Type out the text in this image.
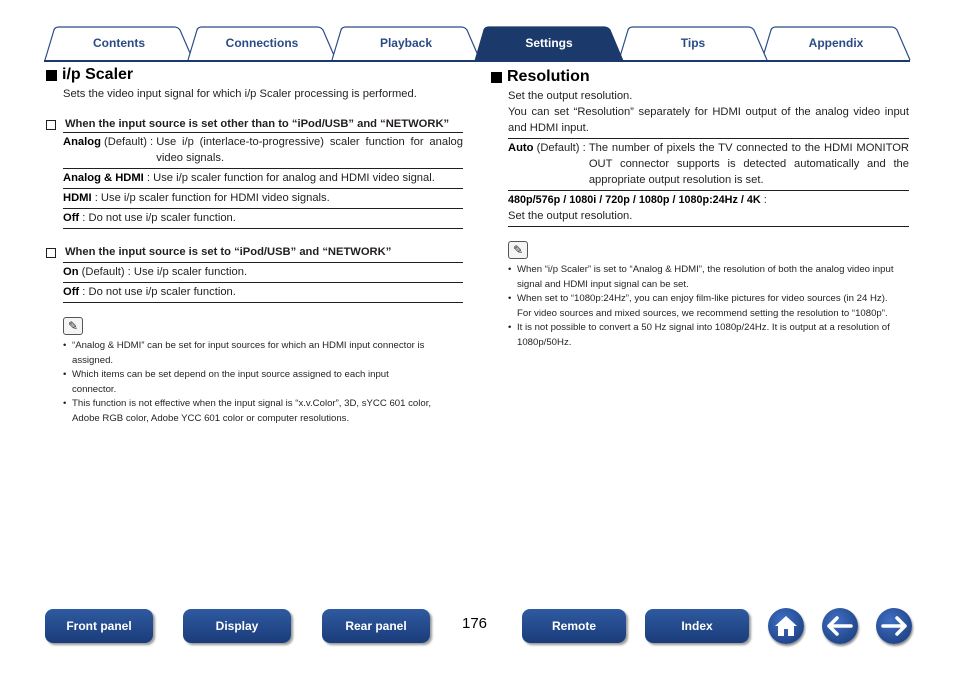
Contents	Connections	Playback	Appendix
Tips
Settings
i/p Scaler

Sets the video input signal for which i/p Scaler processing is performed.

When the input source is set other than to “iPod/USB” and “NETWORK”
Analog (Default) : Use i/p (interlace-to-progressive) scaler function for analog video signals.
Analog & HDMI : Use i/p scaler function for analog and HDMI video signal.
HDMI : Use i/p scaler function for HDMI video signals.
Off : Do not use i/p scaler function.
When the input source is set to “iPod/USB” and “NETWORK”
On (Default) : Use i/p scaler function.
Off : Do not use i/p scaler function.
✎
• “Analog & HDMI” can be set for input sources for which an HDMI input connector is assigned.
• Which items can be set depend on the input source assigned to each input connector.
• This function is not effective when the input signal is “x.v.Color”, 3D, sYCC 601 color, Adobe RGB color, Adobe YCC 601 color or computer resolutions.
Resolution

Set the output resolution.

You can set “Resolution” separately for HDMI output of the analog video input and HDMI input.

Auto (Default) : The number of pixels the TV connected to the HDMI MONITOR OUT connector supports is detected automatically and the appropriate output resolution is set.
480p/576p / 1080i / 720p / 1080p / 1080p:24Hz / 4K :
Set the output resolution.
✎
• When “i/p Scaler” is set to “Analog & HDMI”, the resolution of both the analog video input signal and HDMI input signal can be set.
• When set to “1080p:24Hz”, you can enjoy film-like pictures for video sources (in 24 Hz). For video sources and mixed sources, we recommend setting the resolution to “1080p”.
• It is not possible to convert a 50 Hz signal into 1080p/24Hz. It is output at a resolution of 1080p/50Hz.
Front panel	Display	Rear panel	176	Remote	Index
